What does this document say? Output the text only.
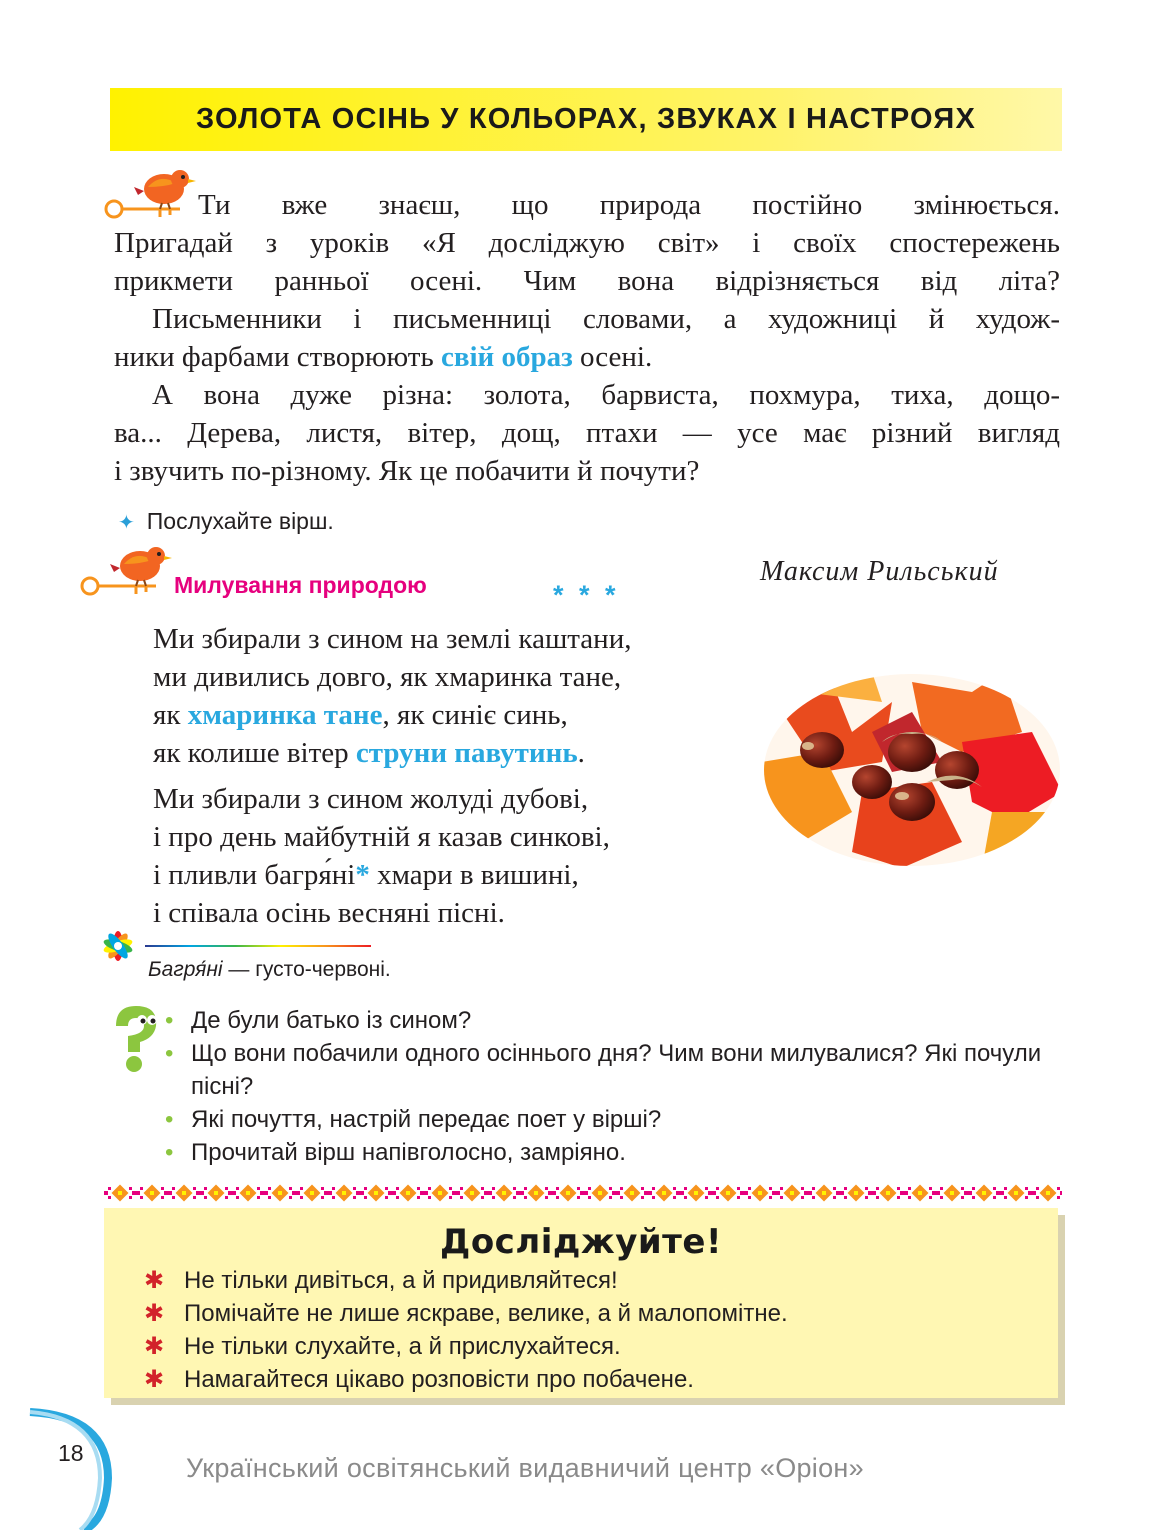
ЗОЛОТА ОСІНЬ У КОЛЬОРАХ, ЗВУКАХ І НАСТРОЯХ
Ти вже знаєш, що природа постійно змінюється.
Пригадай з уроків «Я досліджую світ» і своїх спостережень
прикмети ранньої осені. Чим вона відрізняється від літа?
Письменники і письменниці словами, а художниці й худож-
ники фарбами створюють свій образ осені.
А вона дуже різна: золота, барвиста, похмура, тиха, дощо-
ва... Дерева, листя, вітер, дощ, птахи — усе має різний вигляд
і звучить по-різному. Як це побачити й почути?
✦ Послухайте вірш.
Милування природою	* * *
Максим Рильський
Ми збирали з сином на землі каштани,
ми дивились довго, як хмаринка тане,
як хмаринка тане, як синіє синь,
як колише вітер струни павутинь.
Ми збирали з сином жолуді дубові,
і про день майбутній я казав синкові,
і пливли багря́ні* хмари в вишині,
і співала осінь весняні пісні.
Багря́ні — густо-червоні.
• Де були батько із сином?
• Що вони побачили одного осіннього дня? Чим вони милувалися? Які почули пісні?
• Які почуття, настрій передає поет у вірші?
• Прочитай вірш напівголосно, замріяно.
Досліджуйте!
✱ Не тільки дивіться, а й придивляйтеся!
✱ Помічайте не лише яскраве, велике, а й малопомітне.
✱ Не тільки слухайте, а й прислухайтеся.
✱ Намагайтеся цікаво розповісти про побачене.
18	Український освітянський видавничий центр «Оріон»
